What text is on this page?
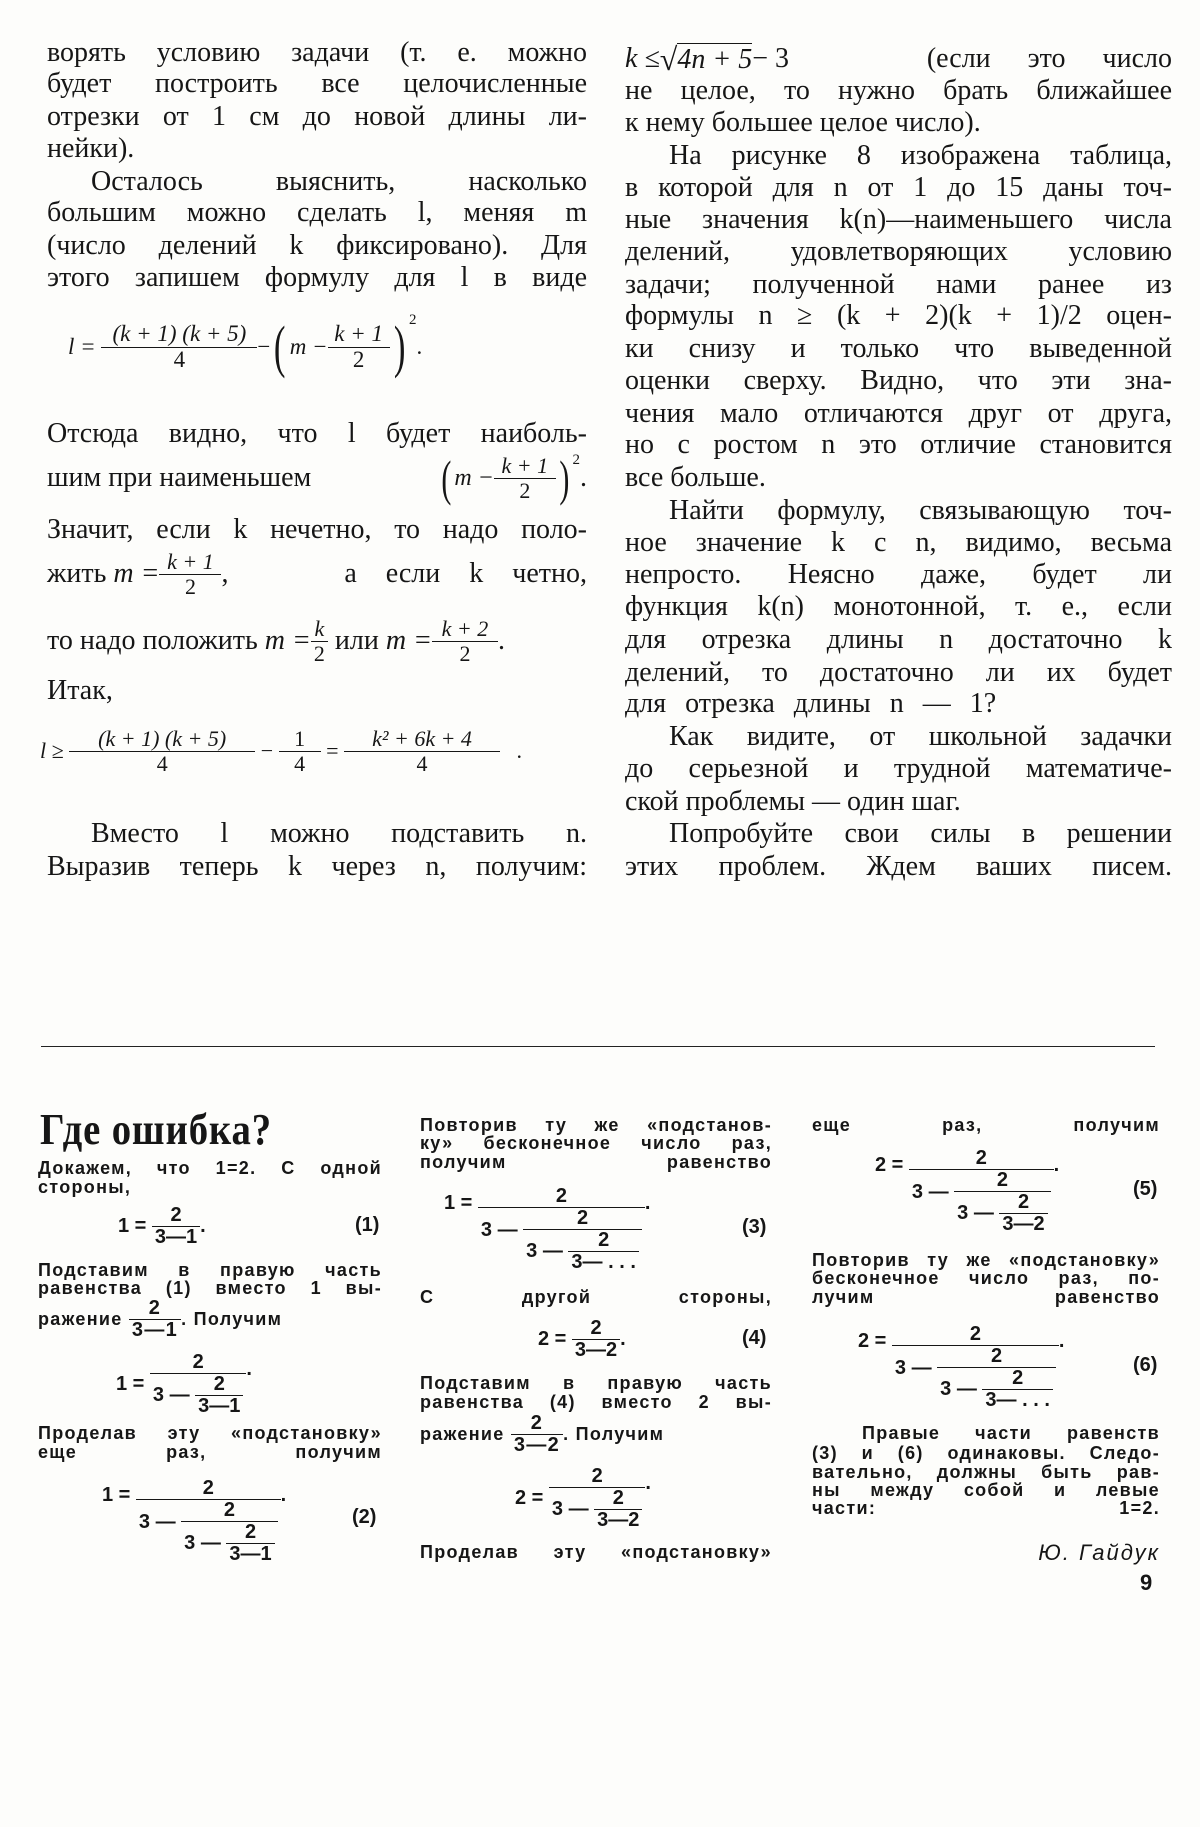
ворять условию задачи (т. е. можно
будет построить все целочисленные
отрезки от 1 см до новой длины ли-
нейки).
Осталось выяснить, насколько
большим можно сделать l, меняя m
(число делений k фиксировано). Для
этого запишем формулу для l в виде
l =
$\frac{(k + 1) (k + 5)}{4}$ − ( $m - \frac{k + 1}{2}$ ) $^2$
.
Отсюда видно, что l будет наиболь-
шим при наименьшем	( $m - \frac{k + 1}{2} )^2$
.
Значит, если k нечетно, то надо поло-
жить
$m = \frac{k + 1}{2}$ ,	а если k четно,
то надо положить
$m = \frac{k}{2}$
или
$m = \frac{k + 2}{2}$ .
Итак,
l ≥
$\frac{(k + 1) (k + 5)}{4}$
−
$\frac{1}{4}$
=
$\frac{\text{k² + 6k + 4}}{4}$
.
Вместо l можно подставить n.
Выразив теперь k через n, получим:
k ≤ √ 4n + 5 − 3	(если это число
не целое, то нужно брать ближайшее
к нему большее целое число).
На рисунке 8 изображена таблица,
в которой для n от 1 до 15 даны точ-
ные значения k(n)—наименьшего числа
делений, удовлетворяющих условию
задачи; полученной нами ранее из
формулы n ≥ (k + 2)(k + 1)/2 оцен-
ки снизу и только что выведенной
оценки сверху. Видно, что эти зна-
чения мало отличаются друг от друга,
но с ростом n это отличие становится
все больше.
Найти формулу, связывающую точ-
ное значение k с n, видимо, весьма
непросто. Неясно даже, будет ли
функция k(n) монотонной, т. е., если
для отрезка длины n достаточно k
делений, то достаточно ли их будет
для отрезка длины n — 1?
Как видите, от школьной задачки
до серьезной и трудной математиче-
ской проблемы — один шаг.
Попробуйте свои силы в решении
этих проблем. Ждем ваших писем.
Где ошибка?
Докажем, что 1=2. С одной
стороны,
1 =
$\frac{2}{3—1}$ .	(1)
Подставим в правую часть
равенства (1) вместо 1 вы-
ражение
$\frac{2}{3—1}$ . Получим
1 =
2
3 —
$\frac{2}{3—1}$ .
Проделав эту «подстановку»
еще раз, получим
1 =
2
3 —
2
3 —
$\frac{2}{3—1}$ .
(2)
Повторив ту же «подстанов-
ку» бесконечное число раз,
получим равенство
1 =
2
3 —
2
3 —
$\frac{2}{3— . . .}$ .
(3)
С другой стороны,
2 =
$\frac{2}{3—2}$ .	(4)
Подставим в правую часть
равенства (4) вместо 2 вы-
ражение
$\frac{2}{3—2}$ . Получим
2 =
2
3 —
$\frac{2}{3—2}$ .
Проделав эту «подстановку»
еще раз, получим
2 =
2
3 —
2
3 —
$\frac{2}{3—2}$ .
(5)
Повторив ту же «подстановку»
бесконечное число раз, по-
лучим равенство
2 =
2
3 —
2
3 —
$\frac{2}{3— . . .}$ .
(6)
Правые части равенств
(3) и (6) одинаковы. Следо-
вательно, должны быть рав-
ны между собой и левые
части: 1=2.
Ю. Гайдук
9
